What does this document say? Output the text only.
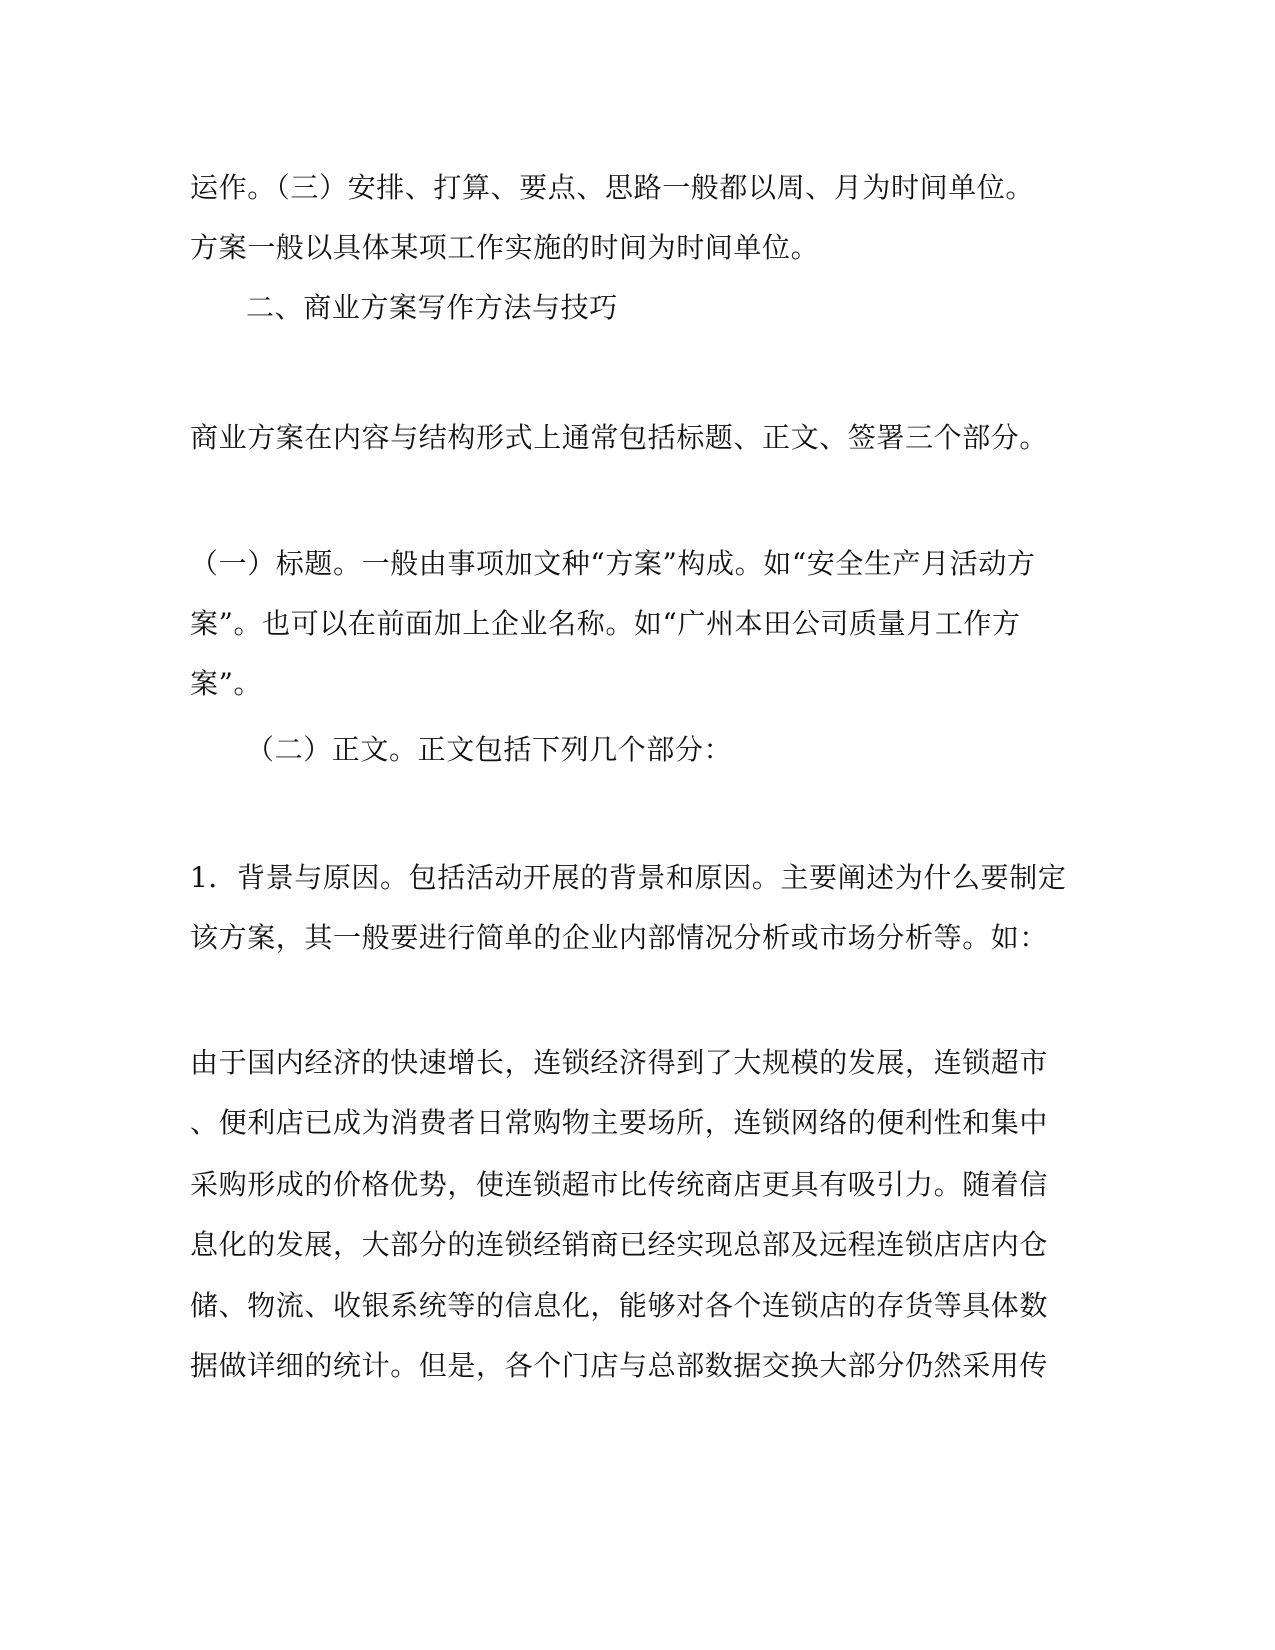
运作。（三）安排、打算、要点、思路一般都以周、月为时间单位。
方案一般以具体某项工作实施的时间为时间单位。
二、商业方案写作方法与技巧
商业方案在内容与结构形式上通常包括标题、正文、签署三个部分。
（一）标题。一般由事项加文种“方案”构成。如“安全生产月活动方
案”。也可以在前面加上企业名称。如“广州本田公司质量月工作方
案”。
（二）正文。正文包括下列几个部分：
1．背景与原因。包括活动开展的背景和原因。主要阐述为什么要制定
该方案，其一般要进行简单的企业内部情况分析或市场分析等。如：
由于国内经济的快速增长，连锁经济得到了大规模的发展，连锁超市
、便利店已成为消费者日常购物主要场所，连锁网络的便利性和集中
采购形成的价格优势，使连锁超市比传统商店更具有吸引力。随着信
息化的发展，大部分的连锁经销商已经实现总部及远程连锁店店内仓
储、物流、收银系统等的信息化，能够对各个连锁店的存货等具体数
据做详细的统计。但是，各个门店与总部数据交换大部分仍然采用传
